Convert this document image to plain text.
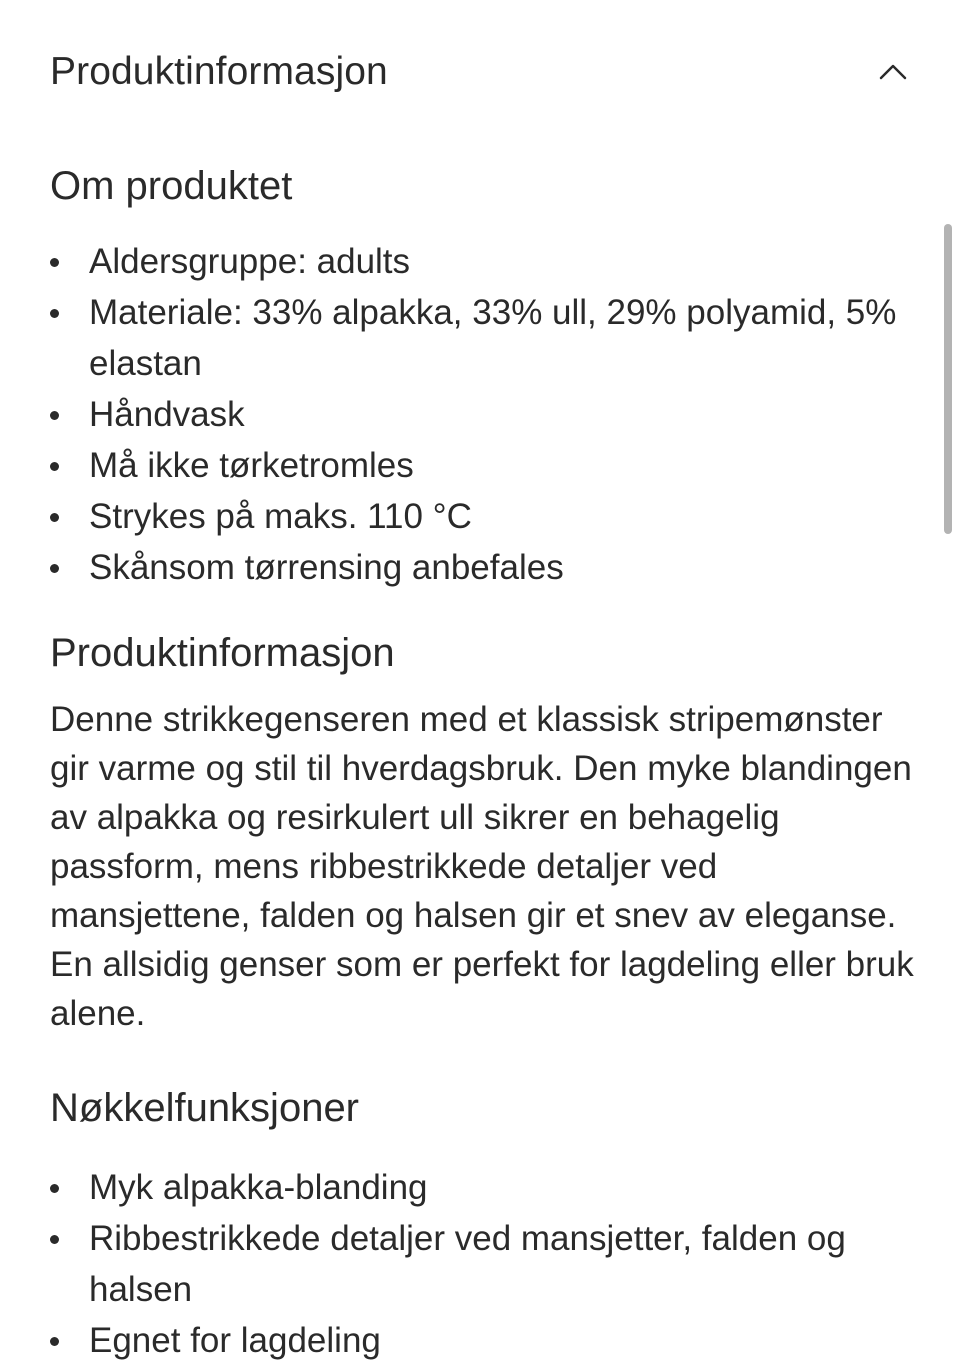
Produktinformasjon
Om produktet
Aldersgruppe: adults
Materiale: 33% alpakka, 33% ull, 29% polyamid, 5% elastan
Håndvask
Må ikke tørketromles
Strykes på maks. 110 °C
Skånsom tørrensing anbefales
Produktinformasjon

Denne strikkegenseren med et klassisk stripemønster gir varme og stil til hverdagsbruk. Den myke blandingen av alpakka og resirkulert ull sikrer en behagelig passform, mens ribbestrikkede detaljer ved mansjettene, falden og halsen gir et snev av eleganse. En allsidig genser som er perfekt for lagdeling eller bruk alene.

Nøkkelfunksjoner
Myk alpakka-blanding
Ribbestrikkede detaljer ved mansjetter, falden og halsen
Egnet for lagdeling
